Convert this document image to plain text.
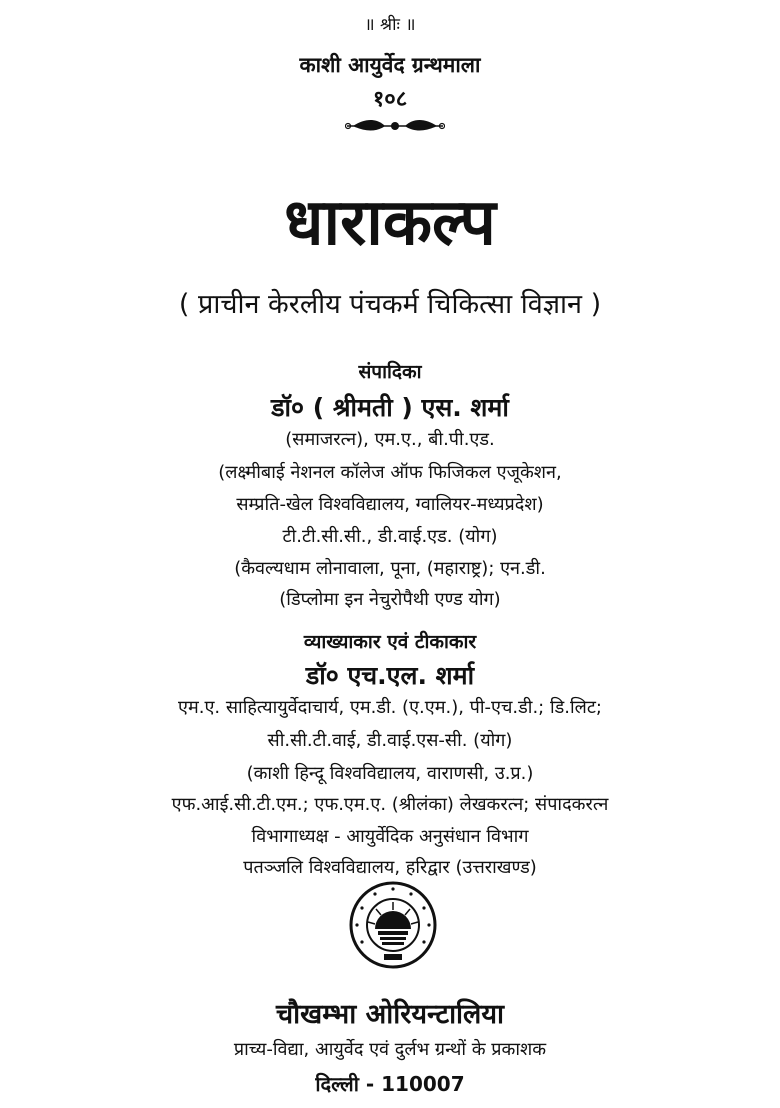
॥ श्रीः ॥
काशी आयुर्वेद ग्रन्थमाला
१०८
धाराकल्प
( प्राचीन केरलीय पंचकर्म चिकित्सा विज्ञान )
संपादिका
डॉ० ( श्रीमती ) एस. शर्मा
(समाजरत्न), एम.ए., बी.पी.एड.
(लक्ष्मीबाई नेशनल कॉलेज ऑफ फिजिकल एजूकेशन,
सम्प्रति-खेल विश्वविद्यालय, ग्वालियर-मध्यप्रदेश)
टी.टी.सी.सी., डी.वाई.एड. (योग)
(कैवल्यधाम लोनावाला, पूना, (महाराष्ट्र); एन.डी.
(डिप्लोमा इन नेचुरोपैथी एण्ड योग)
व्याख्याकार एवं टीकाकार
डॉ० एच.एल. शर्मा
एम.ए. साहित्यायुर्वेदाचार्य, एम.डी. (ए.एम.), पी-एच.डी.; डि.लिट;
सी.सी.टी.वाई, डी.वाई.एस-सी. (योग)
(काशी हिन्दू विश्वविद्यालय, वाराणसी, उ.प्र.)
एफ.आई.सी.टी.एम.; एफ.एम.ए. (श्रीलंका) लेखकरत्न; संपादकरत्न
विभागाध्यक्ष - आयुर्वेदिक अनुसंधान विभाग
पतञ्जलि विश्वविद्यालय, हरिद्वार (उत्तराखण्ड)
चौखम्भा ओरियन्टालिया
प्राच्य-विद्या, आयुर्वेद एवं दुर्लभ ग्रन्थों के प्रकाशक
दिल्ली - 110007
